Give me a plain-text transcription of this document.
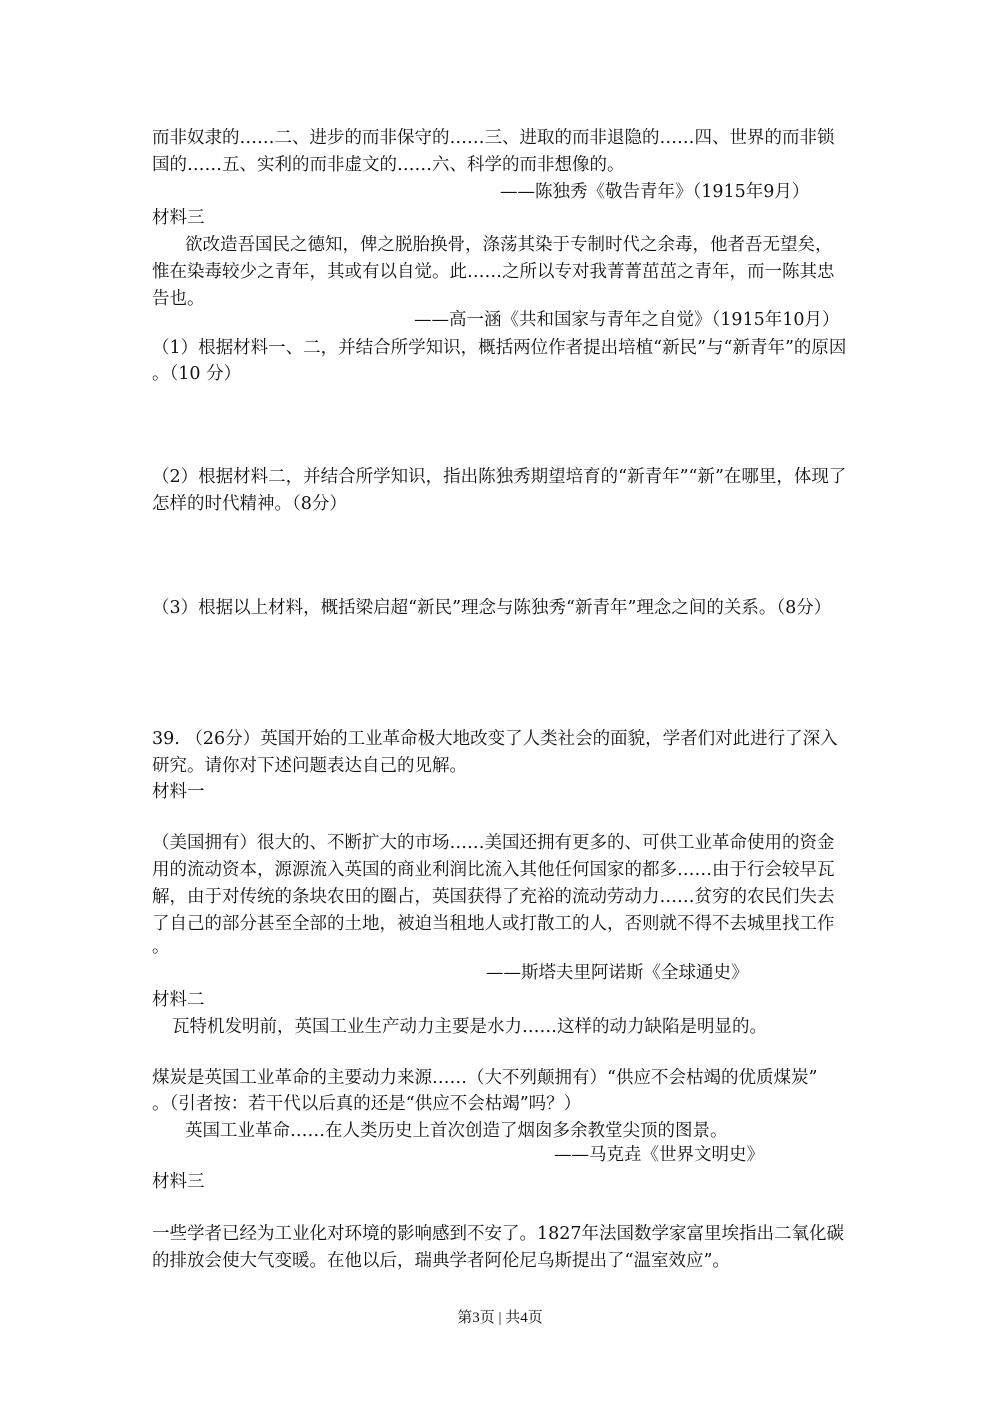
而非奴隶的……二、进步的而非保守的……三、进取的而非退隐的……四、世界的而非锁
国的……五、实利的而非虚文的……六、科学的而非想像的。
——陈独秀《敬告青年》（1915年9月）
材料三
欲改造吾国民之德知，俾之脱胎换骨，涤荡其染于专制时代之余毒，他者吾无望矣，
惟在染毒较少之青年，其或有以自觉。此……之所以专对我菁菁茁茁之青年，而一陈其忠
告也。
——高一涵《共和国家与青年之自觉》（1915年10月）
（1）根据材料一、二，并结合所学知识，概括两位作者提出培植“新民”与“新青年”的原因
。（10 分）
（2）根据材料二，并结合所学知识，指出陈独秀期望培育的“新青年”“新”在哪里，体现了
怎样的时代精神。（8分）
（3）根据以上材料，概括梁启超“新民”理念与陈独秀“新青年”理念之间的关系。（8分）
39. （26分）英国开始的工业革命极大地改变了人类社会的面貌，学者们对此进行了深入
研究。请你对下述问题表达自己的见解。
材料一
（美国拥有）很大的、不断扩大的市场……美国还拥有更多的、可供工业革命使用的资金
用的流动资本，源源流入英国的商业利润比流入其他任何国家的都多……由于行会较早瓦
解，由于对传统的条块农田的圈占，英国获得了充裕的流动劳动力……贫穷的农民们失去
了自己的部分甚至全部的土地，被迫当租地人或打散工的人，否则就不得不去城里找工作
。
——斯塔夫里阿诺斯《全球通史》
材料二
瓦特机发明前，英国工业生产动力主要是水力……这样的动力缺陷是明显的。
煤炭是英国工业革命的主要动力来源……（大不列颠拥有）“供应不会枯竭的优质煤炭”
。（引者按：若干代以后真的还是“供应不会枯竭”吗？）
英国工业革命……在人类历史上首次创造了烟囱多余教堂尖顶的图景。
——马克垚《世界文明史》
材料三
一些学者已经为工业化对环境的影响感到不安了。1827年法国数学家富里埃指出二氧化碳
的排放会使大气变暖。在他以后，瑞典学者阿伦尼乌斯提出了“温室效应”。
第3页 | 共4页
